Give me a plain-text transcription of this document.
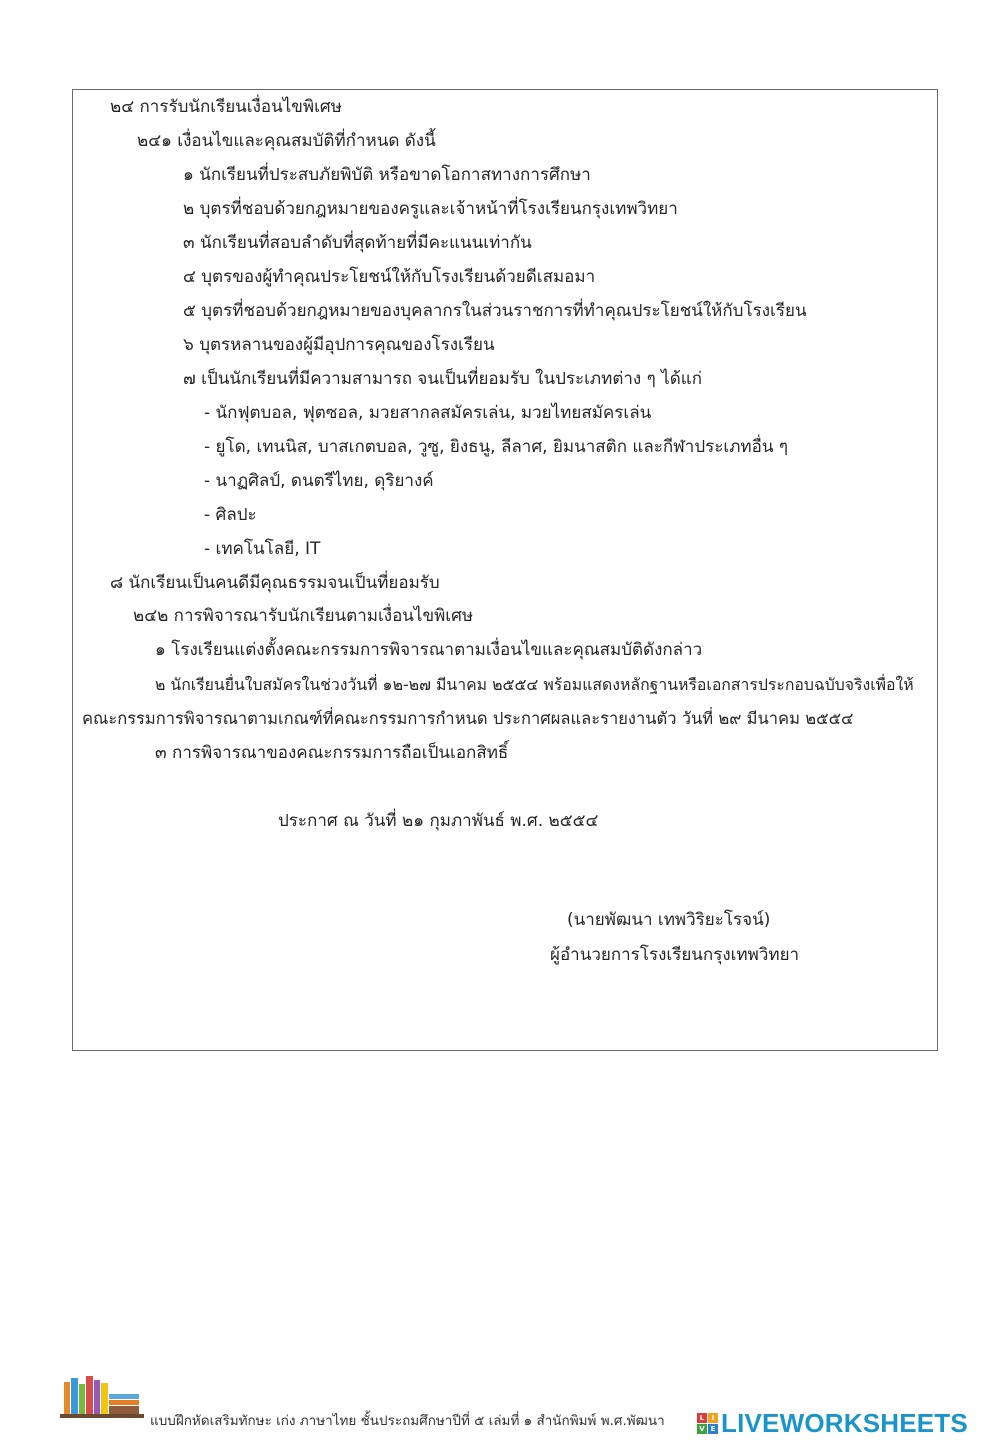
๒๔ การรับนักเรียนเงื่อนไขพิเศษ
๒๔๑ เงื่อนไขและคุณสมบัติที่กำหนด ดังนี้
๑ นักเรียนที่ประสบภัยพิบัติ หรือขาดโอกาสทางการศึกษา
๒ บุตรที่ชอบด้วยกฎหมายของครูและเจ้าหน้าที่โรงเรียนกรุงเทพวิทยา
๓ นักเรียนที่สอบลำดับที่สุดท้ายที่มีคะแนนเท่ากัน
๔ บุตรของผู้ทำคุณประโยชน์ให้กับโรงเรียนด้วยดีเสมอมา
๕ บุตรที่ชอบด้วยกฎหมายของบุคลากรในส่วนราชการที่ทำคุณประโยชน์ให้กับโรงเรียน
๖ บุตรหลานของผู้มีอุปการคุณของโรงเรียน
๗ เป็นนักเรียนที่มีความสามารถ จนเป็นที่ยอมรับ ในประเภทต่าง ๆ ได้แก่
- นักฟุตบอล, ฟุตซอล, มวยสากลสมัครเล่น, มวยไทยสมัครเล่น
- ยูโด, เทนนิส, บาสเกตบอล, วูซู, ยิงธนู, ลีลาศ, ยิมนาสติก และกีฬาประเภทอื่น ๆ
- นาฏศิลป์, ดนตรีไทย, ดุริยางค์
- ศิลปะ
- เทคโนโลยี, IT
๘ นักเรียนเป็นคนดีมีคุณธรรมจนเป็นที่ยอมรับ
๒๔๒ การพิจารณารับนักเรียนตามเงื่อนไขพิเศษ
๑ โรงเรียนแต่งตั้งคณะกรรมการพิจารณาตามเงื่อนไขและคุณสมบัติดังกล่าว
๒ นักเรียนยื่นใบสมัครในช่วงวันที่ ๑๒-๒๗ มีนาคม ๒๕๕๔ พร้อมแสดงหลักฐานหรือเอกสารประกอบฉบับจริงเพื่อให้
คณะกรรมการพิจารณาตามเกณฑ์ที่คณะกรรมการกำหนด ประกาศผลและรายงานตัว วันที่ ๒๙ มีนาคม ๒๕๕๔
๓ การพิจารณาของคณะกรรมการถือเป็นเอกสิทธิ์
ประกาศ ณ วันที่ ๒๑ กุมภาพันธ์ พ.ศ. ๒๕๕๔
(นายพัฒนา เทพวิริยะโรจน์)
ผู้อำนวยการโรงเรียนกรุงเทพวิทยา
แบบฝึกหัดเสริมทักษะ เก่ง ภาษาไทย ชั้นประถมศึกษาปีที่ ๕ เล่มที่ ๑ สำนักพิมพ์ พ.ศ.พัฒนา	L	I
V E LIVEWORKSHEETS
